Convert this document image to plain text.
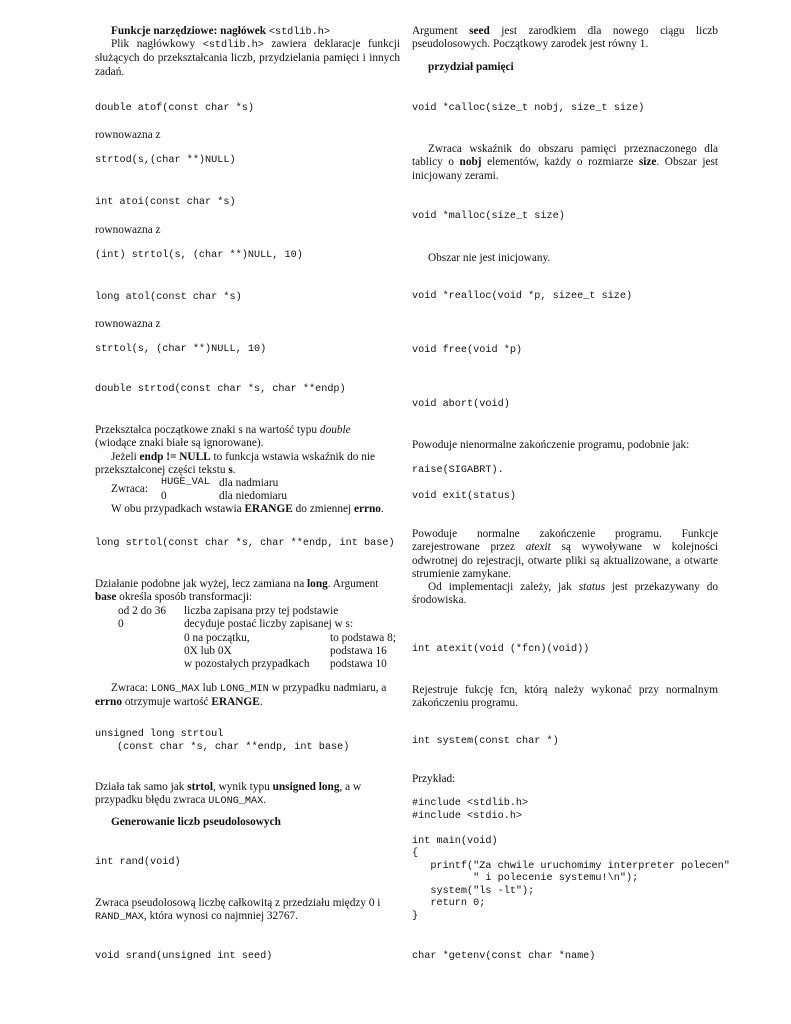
Funkcje narzędziowe: nagłówek <stdlib.h>
Plik nagłówkowy <stdlib.h> zawiera deklaracje funkcji służących do przekształcania liczb, przydzielania pamięci i innych zadań.
double atof(const char *s)
rownowazna z
strtod(s,(char **)NULL)
int atoi(const char *s)
rownowazna z
(int) strtol(s, (char **)NULL, 10)
long atol(const char *s)
rownowazna z
strtol(s, (char **)NULL, 10)
double strtod(const char *s, char **endp)
Przekształca początkowe znaki s na wartość typu double
(wiodące znaki białe są ignorowane).
Jeżeli endp != NULL to funkcja wstawia wskaźnik do nie
przekształconej części tekstu s.
Zwraca:
HUGE_VAL dla nadmiaru
0	dla niedomiaru
W obu przypadkach wstawia ERANGE do zmiennej errno.
long strtol(const char *s, char **endp, int base)
Działanie podobne jak wyżej, lecz zamiana na long. Argument
base określa sposób transformacji:
od 2 do 36 liczba zapisana przy tej podstawie
0	decyduje postać liczby zapisanej w s:
0 na początku,	to podstawa 8;
0X lub 0X	podstawa 16
w pozostałych przypadkach podstawa 10
Zwraca: LONG_MAX lub LONG_MIN w przypadku nadmiaru, a
errno otrzymuje wartość ERANGE.
unsigned long strtoul
(const char *s, char **endp, int base)
Działa tak samo jak strtol, wynik typu unsigned long, a w
przypadku błędu zwraca ULONG_MAX.
Generowanie liczb pseudolosowych
int rand(void)
Zwraca pseudolosową liczbę całkowitą z przedziału między 0 i
RAND_MAX, która wynosi co najmniej 32767.
void srand(unsigned int seed)
Argument seed jest zarodkiem dla nowego ciągu liczb pseudolosowych. Początkowy zarodek jest równy 1.
przydział pamięci
void *calloc(size_t nobj, size_t size)
Zwraca wskaźnik do obszaru pamięci przeznaczonego dla tablicy o nobj elementów, każdy o rozmiarze size. Obszar jest inicjowany zerami.
void *malloc(size_t size)
Obszar nie jest inicjowany.
void *realloc(void *p, sizee_t size)
void free(void *p)
void abort(void)
Powoduje nienormalne zakończenie programu, podobnie jak:
raise(SIGABRT).
void exit(status)
Powoduje normalne zakończenie programu. Funkcje zarejestrowane przez atexit są wywoływane w kolejności odwrotnej do rejestracji, otwarte pliki są aktualizowane, a otwarte strumienie zamykane.
Od implementacji zależy, jak status jest przekazywany do środowiska.
int atexit(void (*fcn)(void))
Rejestruje fukcję fcn, którą należy wykonać przy normalnym zakończeniu programu.
int system(const char *)
Przykład:
#include <stdlib.h>
#include <stdio.h>

int main(void)
{
printf("Za chwile uruchomimy interpreter polecen"
" i polecenie systemu!\n");
system("ls -lt");
return 0;
}
char *getenv(const char *name)
